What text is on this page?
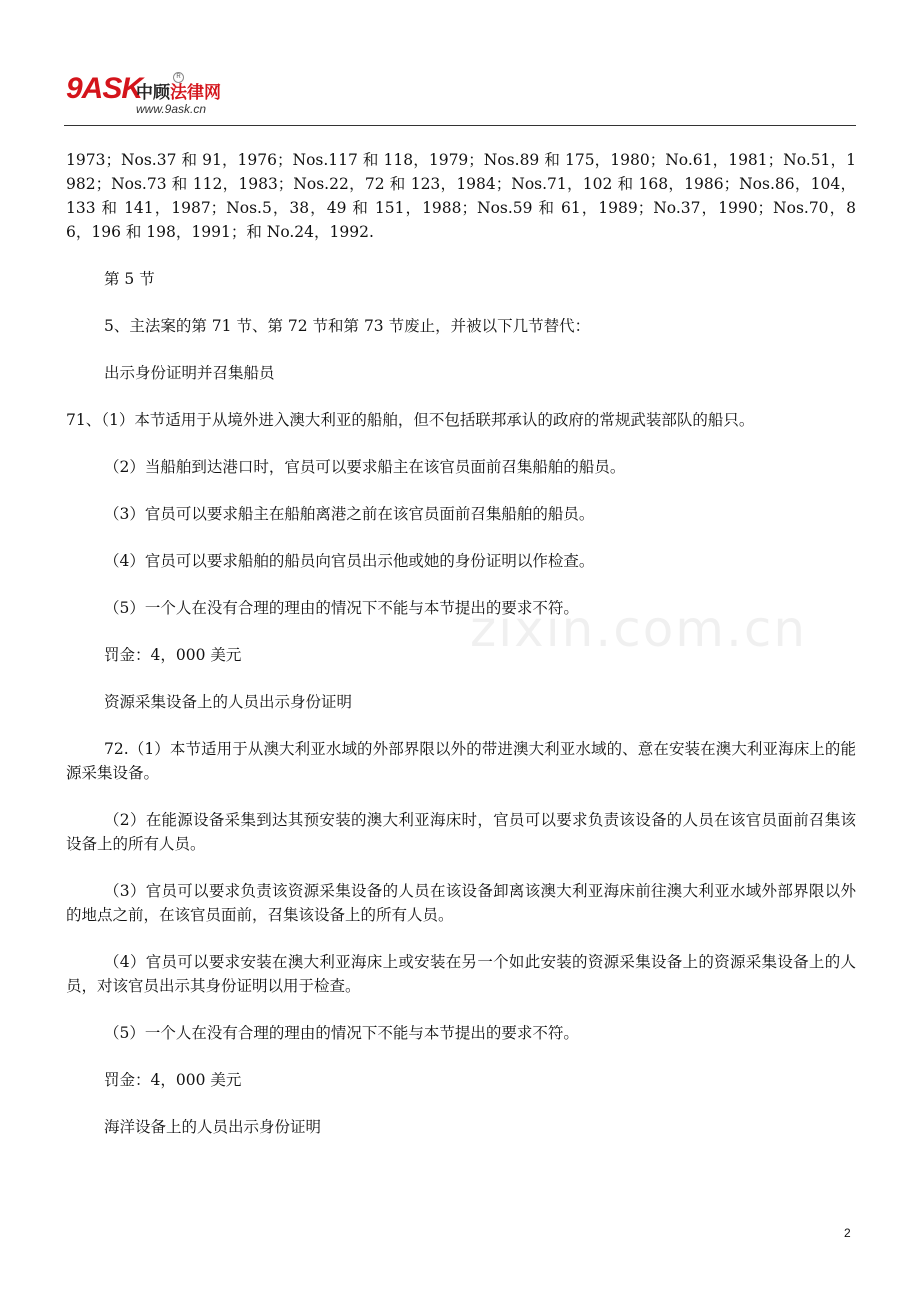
9ASK
中顾法律网
R
www.9ask.cn

1973；Nos.37 和 91，1976；Nos.117 和 118，1979；Nos.89 和 175，1980；No.61，1981；No.51，1982；Nos.73 和 112，1983；Nos.22，72 和 123，1984；Nos.71，102 和 168，1986；Nos.86，104，133 和 141，1987；Nos.5，38，49 和 151，1988；Nos.59 和 61，1989；No.37，1990；Nos.70，86，196 和 198，1991；和 No.24，1992.

第 5 节

5、主法案的第 71 节、第 72 节和第 73 节废止，并被以下几节替代：

出示身份证明并召集船员

71、（1）本节适用于从境外进入澳大利亚的船舶，但不包括联邦承认的政府的常规武装部队的船只。

（2）当船舶到达港口时，官员可以要求船主在该官员面前召集船舶的船员。

（3）官员可以要求船主在船舶离港之前在该官员面前召集船舶的船员。

（4）官员可以要求船舶的船员向官员出示他或她的身份证明以作检查。

（5）一个人在没有合理的理由的情况下不能与本节提出的要求不符。

罚金：4，000 美元

资源采集设备上的人员出示身份证明

72.（1）本节适用于从澳大利亚水域的外部界限以外的带进澳大利亚水域的、意在安装在澳大利亚海床上的能源采集设备。

（2）在能源设备采集到达其预安装的澳大利亚海床时，官员可以要求负责该设备的人员在该官员面前召集该设备上的所有人员。

（3）官员可以要求负责该资源采集设备的人员在该设备卸离该澳大利亚海床前往澳大利亚水域外部界限以外的地点之前，在该官员面前，召集该设备上的所有人员。

（4）官员可以要求安装在澳大利亚海床上或安装在另一个如此安装的资源采集设备上的资源采集设备上的人员，对该官员出示其身份证明以用于检查。

（5）一个人在没有合理的理由的情况下不能与本节提出的要求不符。

罚金：4，000 美元

海洋设备上的人员出示身份证明

zixin.com.cn
2
